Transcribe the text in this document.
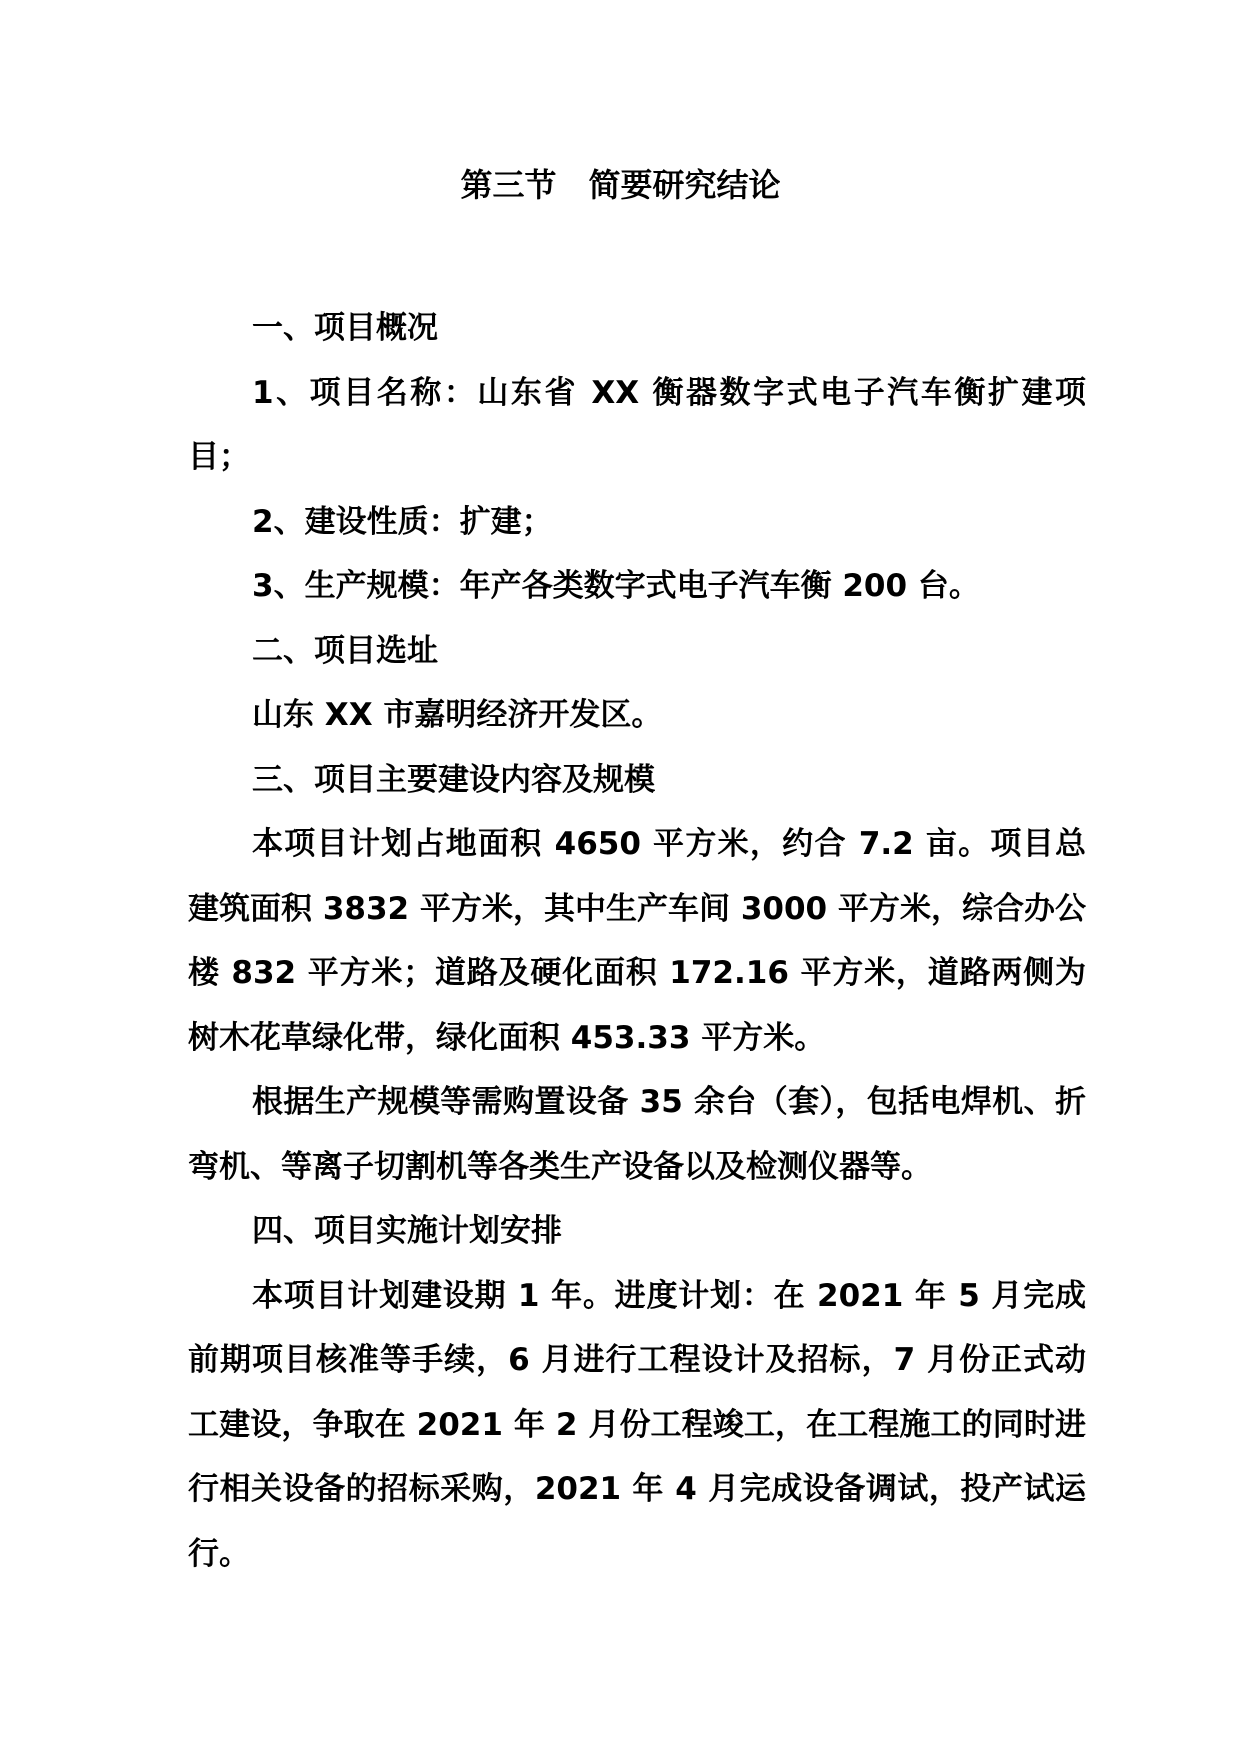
第三节　简要研究结论

一、项目概况

1、项目名称：山东省 XX 衡器数字式电子汽车衡扩建项目；

2、建设性质：扩建；

3、生产规模：年产各类数字式电子汽车衡 200 台。

二、项目选址

山东 XX 市嘉明经济开发区。

三、项目主要建设内容及规模

本项目计划占地面积 4650 平方米，约合 7.2 亩。项目总建筑面积 3832 平方米，其中生产车间 3000 平方米，综合办公楼 832 平方米；道路及硬化面积 172.16 平方米，道路两侧为树木花草绿化带，绿化面积 453.33 平方米。

根据生产规模等需购置设备 35 余台（套），包括电焊机、折弯机、等离子切割机等各类生产设备以及检测仪器等。

四、项目实施计划安排

本项目计划建设期 1 年。进度计划：在 2021 年 5 月完成前期项目核准等手续，6 月进行工程设计及招标，7 月份正式动工建设，争取在 2021 年 2 月份工程竣工，在工程施工的同时进行相关设备的招标采购，2021 年 4 月完成设备调试，投产试运行。
